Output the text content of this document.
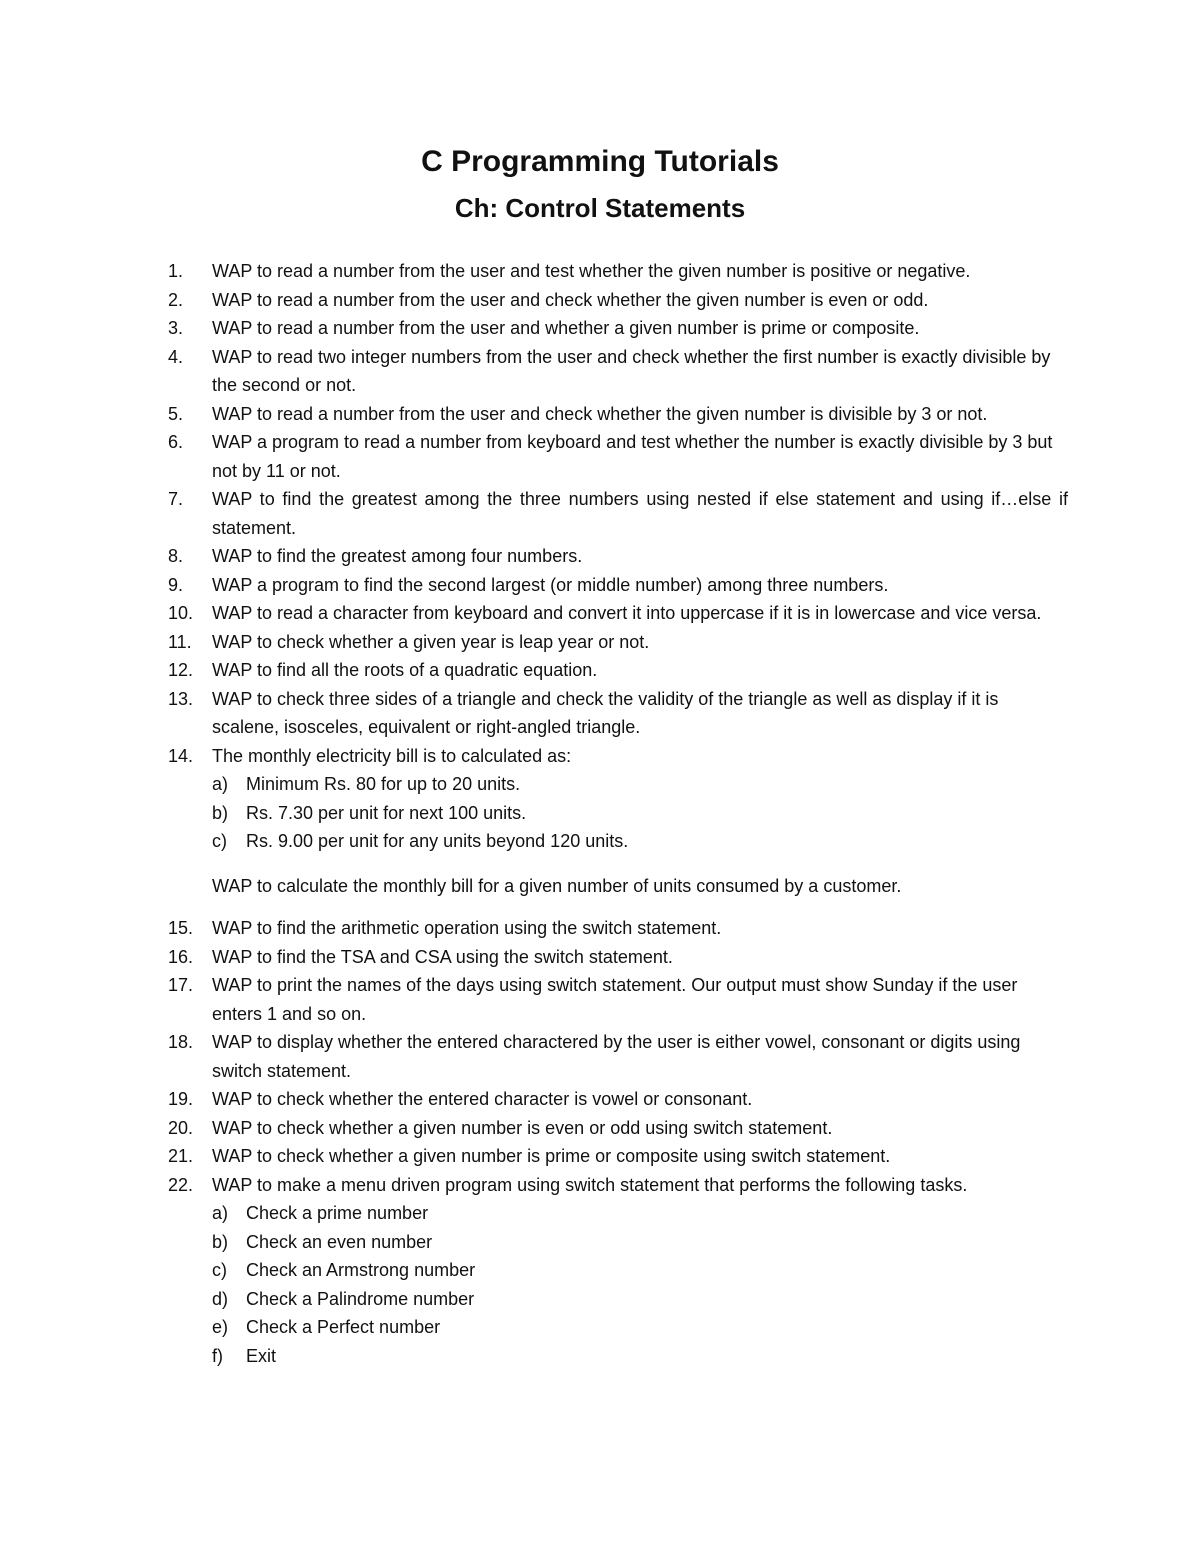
C Programming Tutorials
Ch: Control Statements
1. WAP to read a number from the user and test whether the given number is positive or negative.
2. WAP to read a number from the user and check whether the given number is even or odd.
3. WAP to read a number from the user and whether a given number is prime or composite.
4. WAP to read two integer numbers from the user and check whether the first number is exactly divisible by the second or not.
5. WAP to read a number from the user and check whether the given number is divisible by 3 or not.
6. WAP a program to read a number from keyboard and test whether the number is exactly divisible by 3 but not by 11 or not.
7. WAP to find the greatest among the three numbers using nested if else statement and using if…else if statement.
8. WAP to find the greatest among four numbers.
9. WAP a program to find the second largest (or middle number) among three numbers.
10. WAP to read a character from keyboard and convert it into uppercase if it is in lowercase and vice versa.
11. WAP to check whether a given year is leap year or not.
12. WAP to find all the roots of a quadratic equation.
13. WAP to check three sides of a triangle and check the validity of the triangle as well as display if it is scalene, isosceles, equivalent or right-angled triangle.
14. The monthly electricity bill is to calculated as:
a) Minimum Rs. 80 for up to 20 units.
b) Rs. 7.30 per unit for next 100 units.
c) Rs. 9.00 per unit for any units beyond 120 units.
WAP to calculate the monthly bill for a given number of units consumed by a customer.
15. WAP to find the arithmetic operation using the switch statement.
16. WAP to find the TSA and CSA using the switch statement.
17. WAP to print the names of the days using switch statement. Our output must show Sunday if the user enters 1 and so on.
18. WAP to display whether the entered charactered by the user is either vowel, consonant or digits using switch statement.
19. WAP to check whether the entered character is vowel or consonant.
20. WAP to check whether a given number is even or odd using switch statement.
21. WAP to check whether a given number is prime or composite using switch statement.
22. WAP to make a menu driven program using switch statement that performs the following tasks.
a) Check a prime number
b) Check an even number
c) Check an Armstrong number
d) Check a Palindrome number
e) Check a Perfect number
f) Exit
